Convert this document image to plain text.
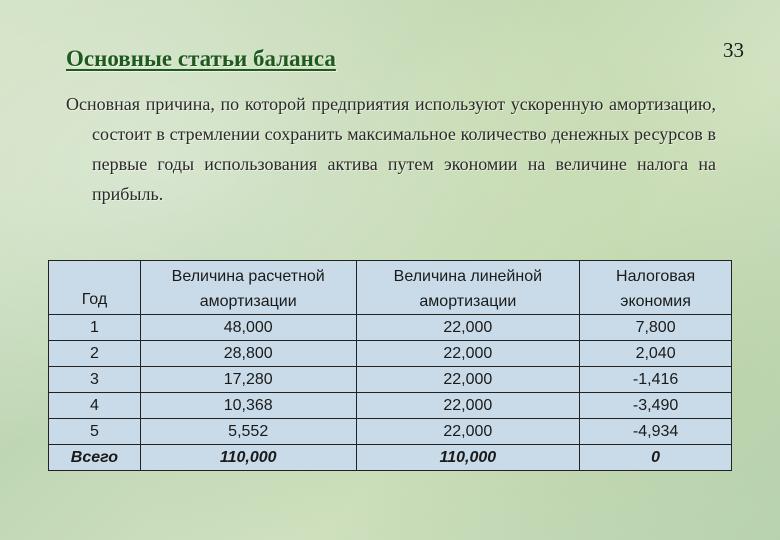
33
Основные статьи баланса

Основная причина, по которой предприятия используют ускоренную амортизацию, состоит в стремлении сохранить максимальное количество денежных ресурсов в первые годы использования актива путем экономии на величине налога на прибыль.

Год	Величина расчетной амортизации	Величина линейной амортизации	Налоговая экономия
1	48,000	22,000	7,800
2	28,800	22,000	2,040
3	17,280	22,000	-1,416
4	10,368	22,000	-3,490
5	5,552	22,000	-4,934
Всего	110,000	110,000	0
